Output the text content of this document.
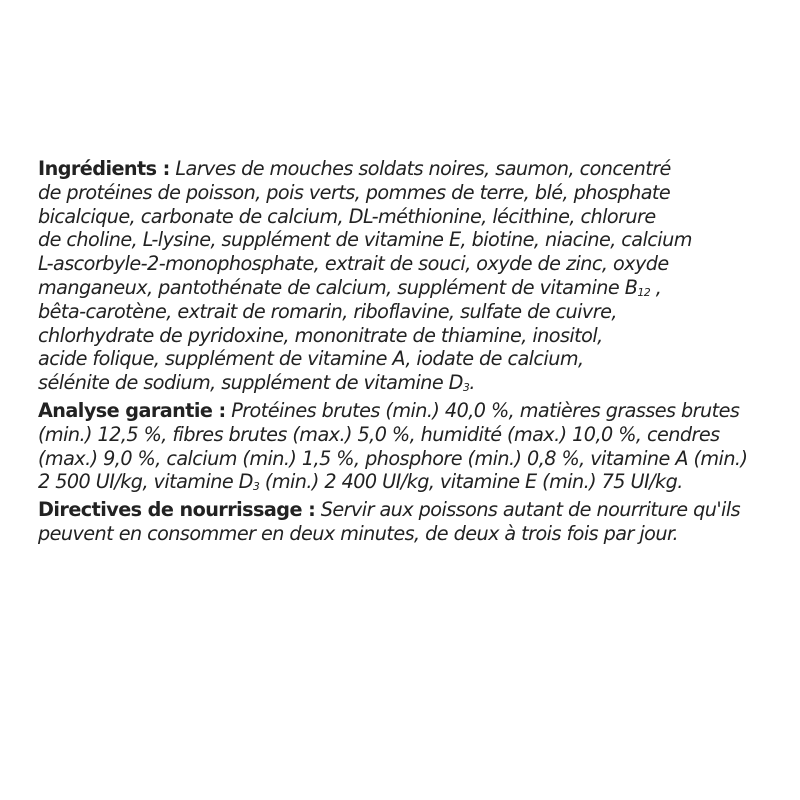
Ingrédients : Larves de mouches soldats noires, saumon, concentré
de protéines de poisson, pois verts, pommes de terre, blé, phosphate
bicalcique, carbonate de calcium, DL-méthionine, lécithine, chlorure
de choline, L-lysine, supplément de vitamine E, biotine, niacine, calcium
L-ascorbyle-2-monophosphate, extrait de souci, oxyde de zinc, oxyde
manganeux, pantothénate de calcium, supplément de vitamine B12 ,
bêta-carotène, extrait de romarin, riboflavine, sulfate de cuivre,
chlorhydrate de pyridoxine, mononitrate de thiamine, inositol,
acide folique, supplément de vitamine A, iodate de calcium,
sélénite de sodium, supplément de vitamine D3.
Analyse garantie : Protéines brutes (min.) 40,0 %, matières grasses brutes
(min.) 12,5 %, fibres brutes (max.) 5,0 %, humidité (max.) 10,0 %, cendres
(max.) 9,0 %, calcium (min.) 1,5 %, phosphore (min.) 0,8 %, vitamine A (min.)
2 500 UI/kg, vitamine D3 (min.) 2 400 UI/kg, vitamine E (min.) 75 UI/kg.
Directives de nourrissage : Servir aux poissons autant de nourriture qu'ils
peuvent en consommer en deux minutes, de deux à trois fois par jour.
